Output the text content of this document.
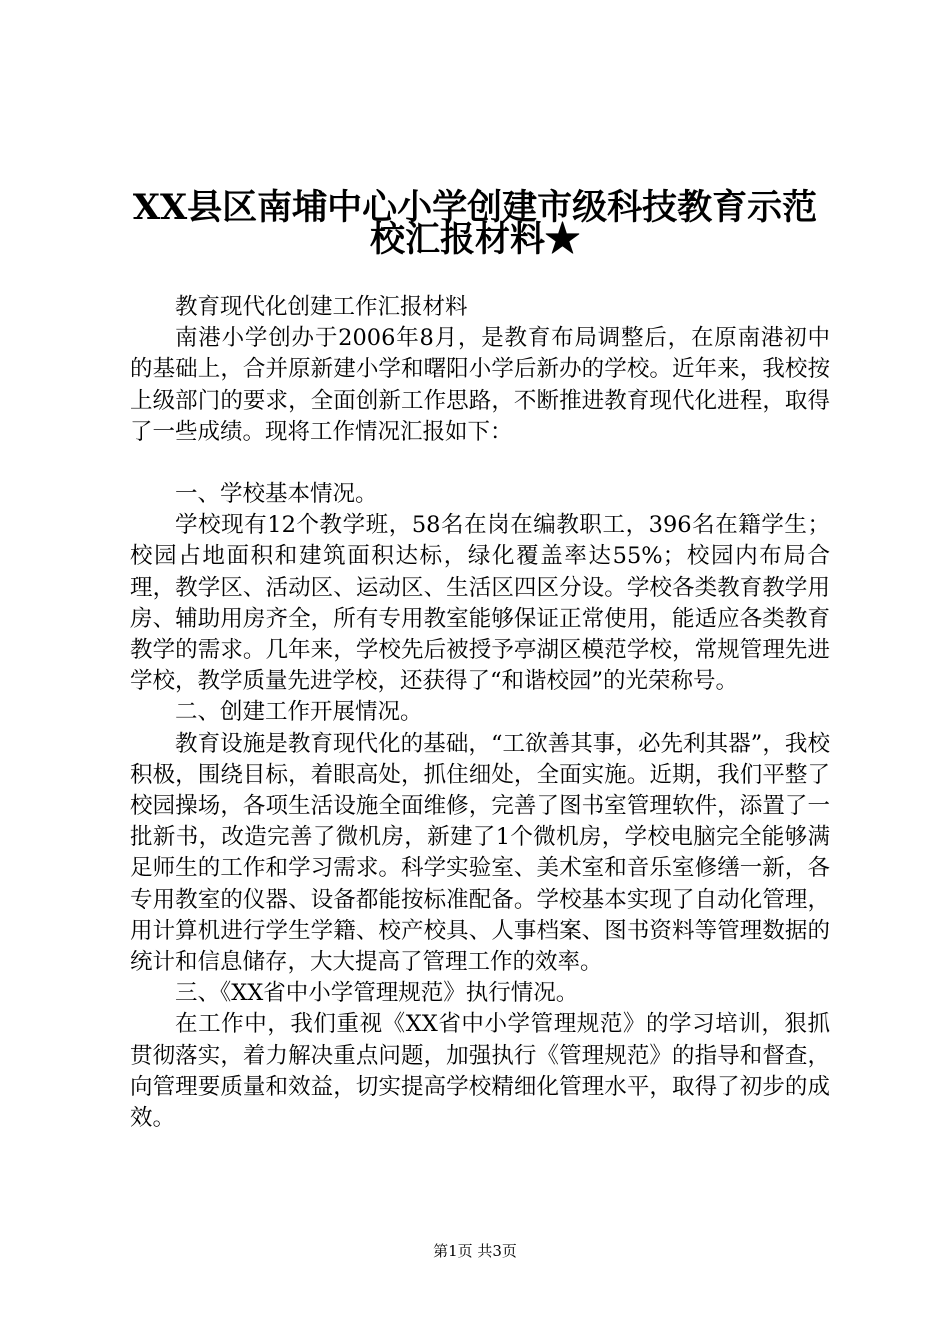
XX县区南埔中心小学创建市级科技教育示范
校汇报材料★

教育现代化创建工作汇报材料

南港小学创办于2006年8月，是教育布局调整后，在原南港初中的基础上，合并原新建小学和曙阳小学后新办的学校。近年来，我校按上级部门的要求，全面创新工作思路，不断推进教育现代化进程，取得了一些成绩。现将工作情况汇报如下：

一、学校基本情况。

学校现有12个教学班，58名在岗在编教职工，396名在籍学生；校园占地面积和建筑面积达标，绿化覆盖率达55%；校园内布局合理，教学区、活动区、运动区、生活区四区分设。学校各类教育教学用房、辅助用房齐全，所有专用教室能够保证正常使用，能适应各类教育教学的需求。几年来，学校先后被授予亭湖区模范学校，常规管理先进学校，教学质量先进学校，还获得了“和谐校园”的光荣称号。

二、创建工作开展情况。

教育设施是教育现代化的基础，“工欲善其事，必先利其器”，我校积极，围绕目标，着眼高处，抓住细处，全面实施。近期，我们平整了校园操场，各项生活设施全面维修，完善了图书室管理软件，添置了一批新书，改造完善了微机房，新建了1个微机房，学校电脑完全能够满足师生的工作和学习需求。科学实验室、美术室和音乐室修缮一新，各专用教室的仪器、设备都能按标准配备。学校基本实现了自动化管理，用计算机进行学生学籍、校产校具、人事档案、图书资料等管理数据的统计和信息储存，大大提高了管理工作的效率。

三、《XX省中小学管理规范》执行情况。

在工作中，我们重视《XX省中小学管理规范》的学习培训，狠抓贯彻落实，着力解决重点问题，加强执行《管理规范》的指导和督查，向管理要质量和效益，切实提高学校精细化管理水平，取得了初步的成效。

第1页 共3页
